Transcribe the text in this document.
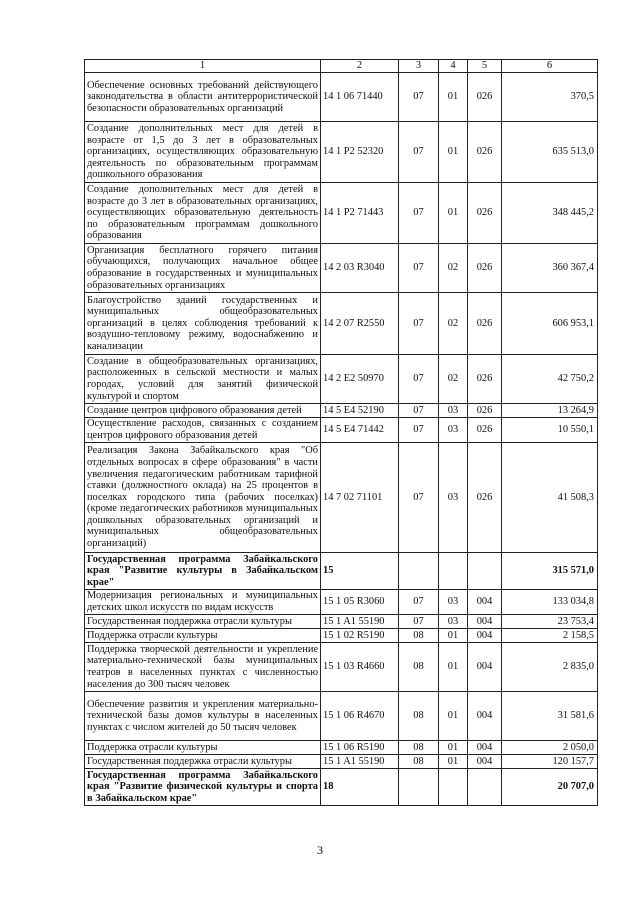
1	2	3	4	5	6
Обеспечение основных требований действующего законодательства в области антитеррористической безопасности образовательных организаций	14 1 06 71440	07	01	026	370,5
Создание дополнительных мест для детей в возрасте от 1,5 до 3 лет в образовательных организациях, осуществляющих образовательную деятельность по образовательным программам дошкольного образования	14 1 P2 52320	07	01	026	635 513,0
Создание дополнительных мест для детей в возрасте до 3 лет в образовательных организациях, осуществляющих образовательную деятельность по образовательным программам дошкольного образования	14 1 P2 71443	07	01	026	348 445,2
Организация бесплатного горячего питания обучающихся, получающих начальное общее образование в государственных и муниципальных образовательных организациях	14 2 03 R3040	07	02	026	360 367,4
Благоустройство зданий государственных и муниципальных общеобразовательных организаций в целях соблюдения требований к воздушно-тепловому режиму, водоснабжению и канализации	14 2 07 R2550	07	02	026	606 953,1
Создание в общеобразовательных организациях, расположенных в сельской местности и малых городах, условий для занятий физической культурой и спортом	14 2 E2 50970	07	02	026	42 750,2
Создание центров цифрового образования детей	14 5 E4 52190	07	03	026	13 264,9
Осуществление расходов, связанных с созданием центров цифрового образования детей	14 5 E4 71442	07	03	026	10 550,1
Реализация Закона Забайкальского края "Об отдельных вопросах в сфере образования" в части увеличения педагогическим работникам тарифной ставки (должностного оклада) на 25 процентов в поселках городского типа (рабочих поселках) (кроме педагогических работников муниципальных дошкольных образовательных организаций и муниципальных общеобразовательных организаций)	14 7 02 71101	07	03	026	41 508,3
Государственная программа Забайкальского края "Развитие культуры в Забайкальском крае"	15				315 571,0
Модернизация региональных и муниципальных детских школ искусств по видам искусств	15 1 05 R3060	07	03	004	133 034,8
Государственная поддержка отрасли культуры	15 1 A1 55190	07	03	004	23 753,4
Поддержка отрасли культуры	15 1 02 R5190	08	01	004	2 158,5
Поддержка творческой деятельности и укрепление материально-технической базы муниципальных театров в населенных пунктах с численностью населения до 300 тысяч человек	15 1 03 R4660	08	01	004	2 835,0
Обеспечение развития и укрепления материально-технической базы домов культуры в населенных пунктах с числом жителей до 50 тысяч человек	15 1 06 R4670	08	01	004	31 581,6
Поддержка отрасли культуры	15 1 06 R5190	08	01	004	2 050,0
Государственная поддержка отрасли культуры	15 1 A1 55190	08	01	004	120 157,7
Государственная программа Забайкальского края "Развитие физической культуры и спорта в Забайкальском крае"	18				20 707,0
3
